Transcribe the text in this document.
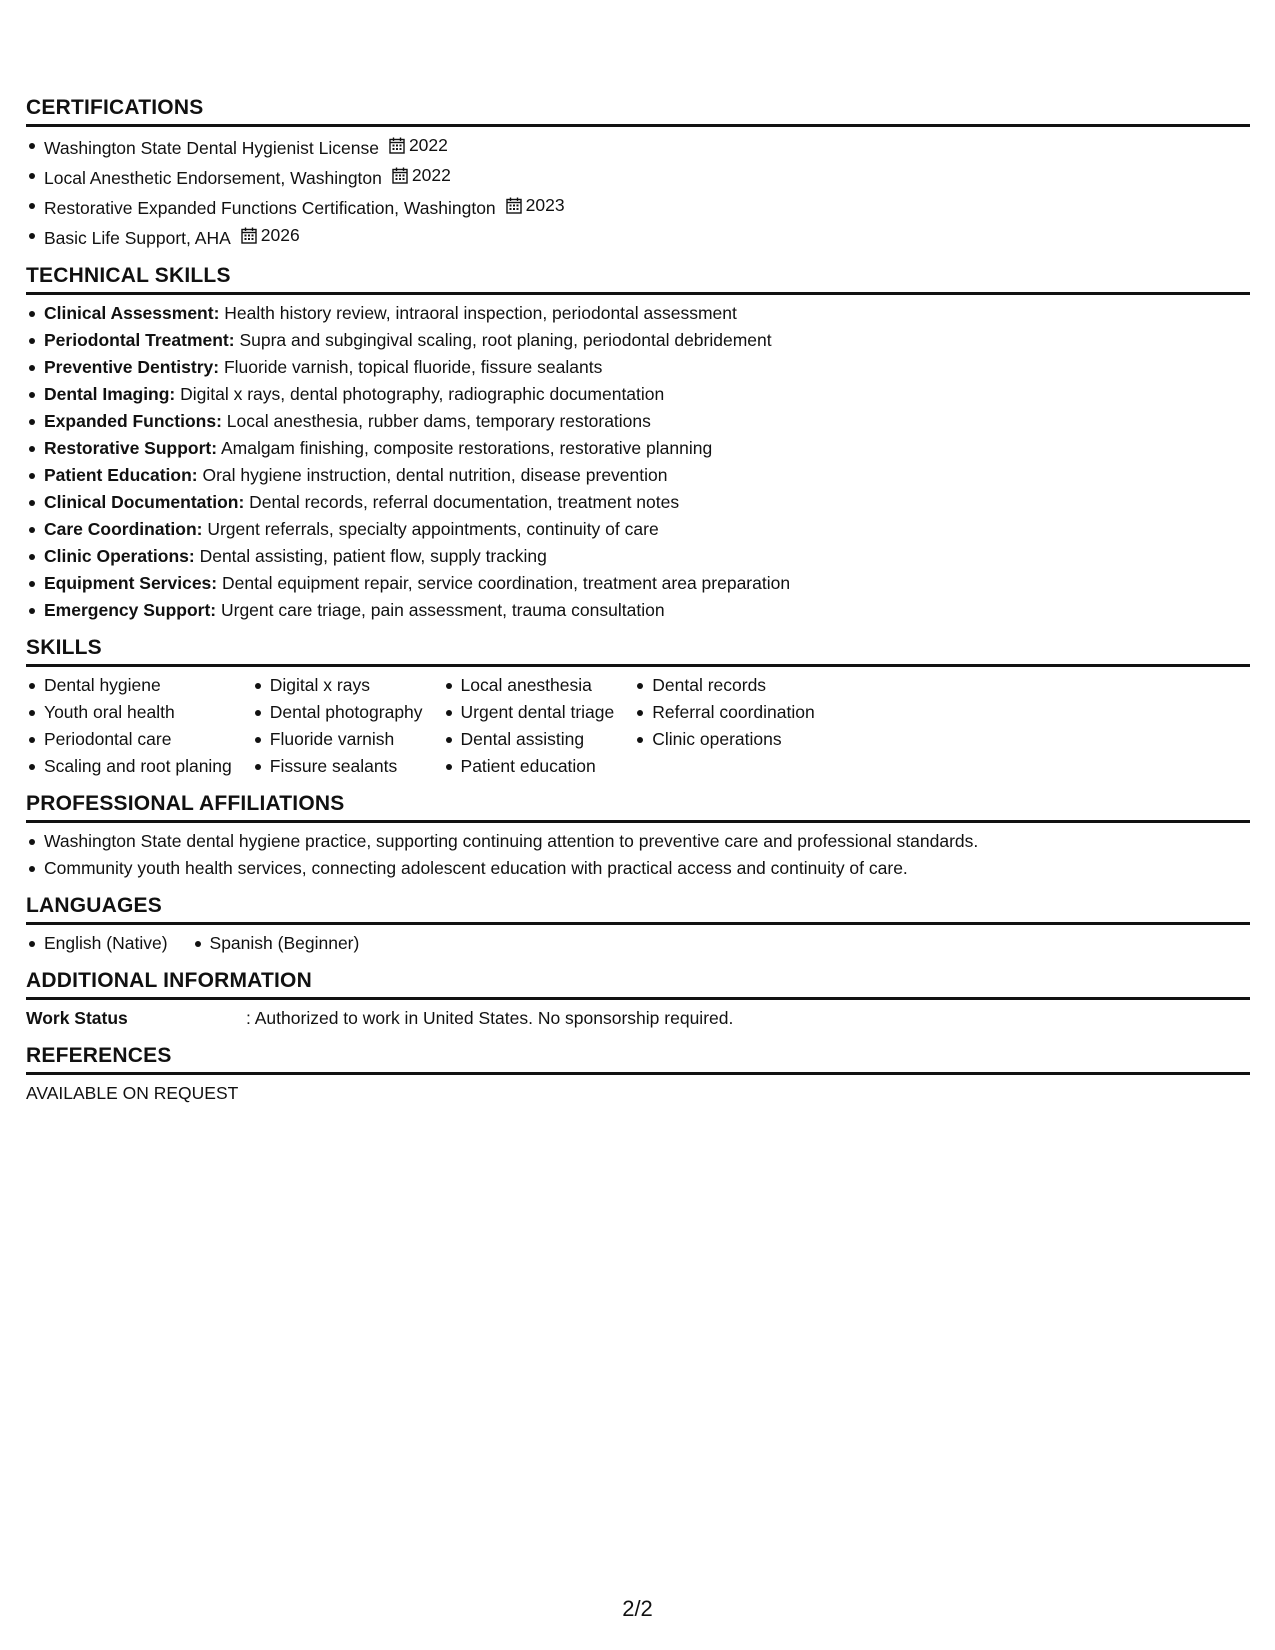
CERTIFICATIONS
Washington State Dental Hygienist License 2022
Local Anesthetic Endorsement, Washington 2022
Restorative Expanded Functions Certification, Washington 2023
Basic Life Support, AHA 2026
TECHNICAL SKILLS
Clinical Assessment: Health history review, intraoral inspection, periodontal assessment
Periodontal Treatment: Supra and subgingival scaling, root planing, periodontal debridement
Preventive Dentistry: Fluoride varnish, topical fluoride, fissure sealants
Dental Imaging: Digital x rays, dental photography, radiographic documentation
Expanded Functions: Local anesthesia, rubber dams, temporary restorations
Restorative Support: Amalgam finishing, composite restorations, restorative planning
Patient Education: Oral hygiene instruction, dental nutrition, disease prevention
Clinical Documentation: Dental records, referral documentation, treatment notes
Care Coordination: Urgent referrals, specialty appointments, continuity of care
Clinic Operations: Dental assisting, patient flow, supply tracking
Equipment Services: Dental equipment repair, service coordination, treatment area preparation
Emergency Support: Urgent care triage, pain assessment, trauma consultation
SKILLS
Dental hygiene
Youth oral health
Periodontal care
Scaling and root planing
Digital x rays
Dental photography
Fluoride varnish
Fissure sealants
Local anesthesia
Urgent dental triage
Dental assisting
Patient education
Dental records
Referral coordination
Clinic operations
PROFESSIONAL AFFILIATIONS
Washington State dental hygiene practice, supporting continuing attention to preventive care and professional standards.
Community youth health services, connecting adolescent education with practical access and continuity of care.
LANGUAGES
English (Native)	Spanish (Beginner)
ADDITIONAL INFORMATION
Work Status	: Authorized to work in United States. No sponsorship required.
REFERENCES
AVAILABLE ON REQUEST
2/2
